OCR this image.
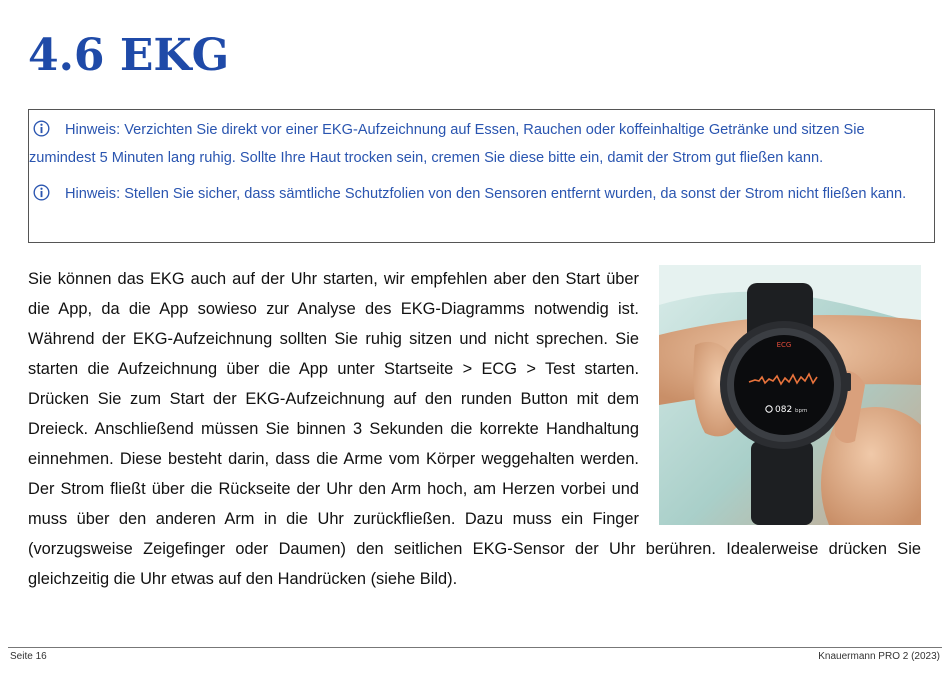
4.6 EKG

Hinweis: Verzichten Sie direkt vor einer EKG-Aufzeichnung auf Essen, Rauchen oder koffeinhaltige Getränke und sitzen Sie zumindest 5 Minuten lang ruhig. Sollte Ihre Haut trocken sein, cremen Sie diese bitte ein, damit der Strom gut fließen kann.

Hinweis: Stellen Sie sicher, dass sämtliche Schutzfolien von den Sensoren entfernt wurden, da sonst der Strom nicht fließen kann.

ECG
082 bpm
Sie können das EKG auch auf der Uhr starten, wir empfehlen aber den Start über die App, da die App sowieso zur Analyse des EKG-Diagramms notwendig ist. Während der EKG-Aufzeichnung sollten Sie ruhig sitzen und nicht sprechen. Sie starten die Aufzeichnung über die App unter Startseite > ECG > Test starten. Drücken Sie zum Start der EKG-Aufzeichnung auf den runden Button mit dem Dreieck. Anschließend müssen Sie binnen 3 Sekunden die korrekte Handhaltung einnehmen. Diese besteht darin, dass die Arme vom Körper weggehalten werden. Der Strom fließt über die Rückseite der Uhr den Arm hoch, am Herzen vorbei und muss über den anderen Arm in die Uhr zurückfließen. Dazu muss ein Finger (vorzugsweise Zeigefinger oder Daumen) den seitlichen EKG-Sensor der Uhr berühren. Idealerweise drücken Sie gleichzeitig die Uhr etwas auf den Handrücken (siehe Bild).
Seite 16	Knauermann PRO 2 (2023)
